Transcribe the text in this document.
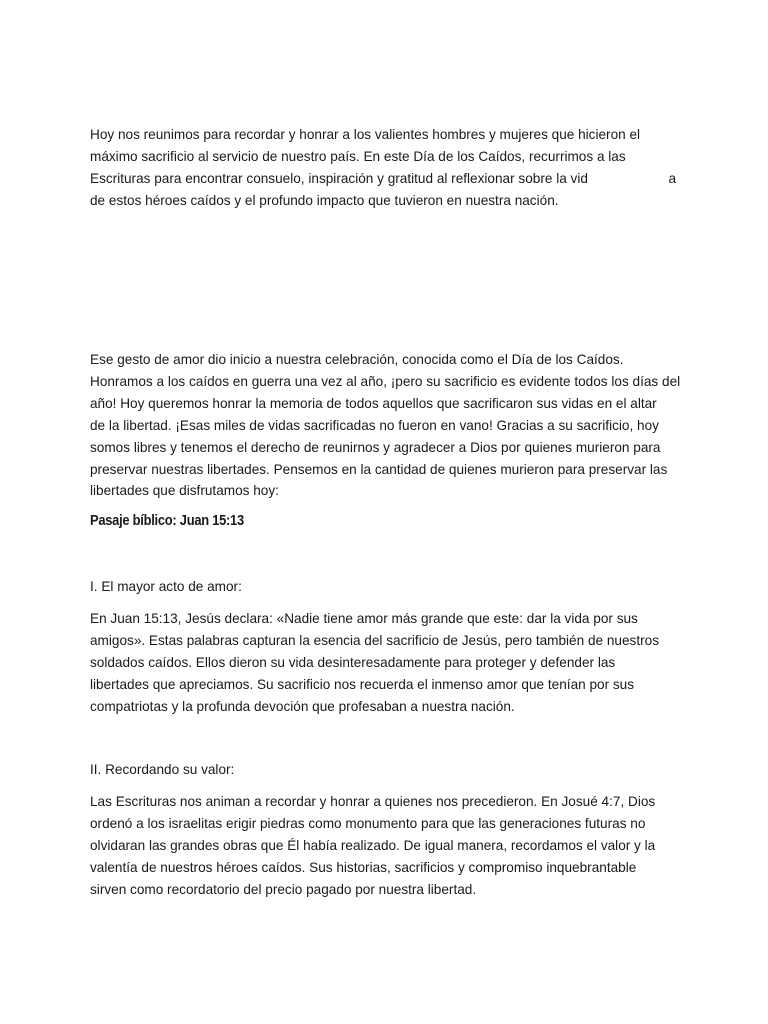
Hoy nos reunimos para recordar y honrar a los valientes hombres y mujeres que hicieron el
máximo sacrificio al servicio de nuestro país. En este Día de los Caídos, recurrimos a las
Escrituras para encontrar consuelo, inspiración y gratitud al reflexionar sobre la vid	a
de estos héroes caídos y el profundo impacto que tuvieron en nuestra nación.
Ese gesto de amor dio inicio a nuestra celebración, conocida como el Día de los Caídos.
Honramos a los caídos en guerra una vez al año, ¡pero su sacrificio es evidente todos los días del
año! Hoy queremos honrar la memoria de todos aquellos que sacrificaron sus vidas en el altar
de la libertad. ¡Esas miles de vidas sacrificadas no fueron en vano! Gracias a su sacrificio, hoy
somos libres y tenemos el derecho de reunirnos y agradecer a Dios por quienes murieron para
preservar nuestras libertades. Pensemos en la cantidad de quienes murieron para preservar las
libertades que disfrutamos hoy:
Pasaje bíblico: Juan 15:13
I. El mayor acto de amor:
En Juan 15:13, Jesús declara: «Nadie tiene amor más grande que este: dar la vida por sus
amigos». Estas palabras capturan la esencia del sacrificio de Jesús, pero también de nuestros
soldados caídos. Ellos dieron su vida desinteresadamente para proteger y defender las
libertades que apreciamos. Su sacrificio nos recuerda el inmenso amor que tenían por sus
compatriotas y la profunda devoción que profesaban a nuestra nación.
II. Recordando su valor:
Las Escrituras nos animan a recordar y honrar a quienes nos precedieron. En Josué 4:7, Dios
ordenó a los israelitas erigir piedras como monumento para que las generaciones futuras no
olvidaran las grandes obras que Él había realizado. De igual manera, recordamos el valor y la
valentía de nuestros héroes caídos. Sus historias, sacrificios y compromiso inquebrantable
sirven como recordatorio del precio pagado por nuestra libertad.
